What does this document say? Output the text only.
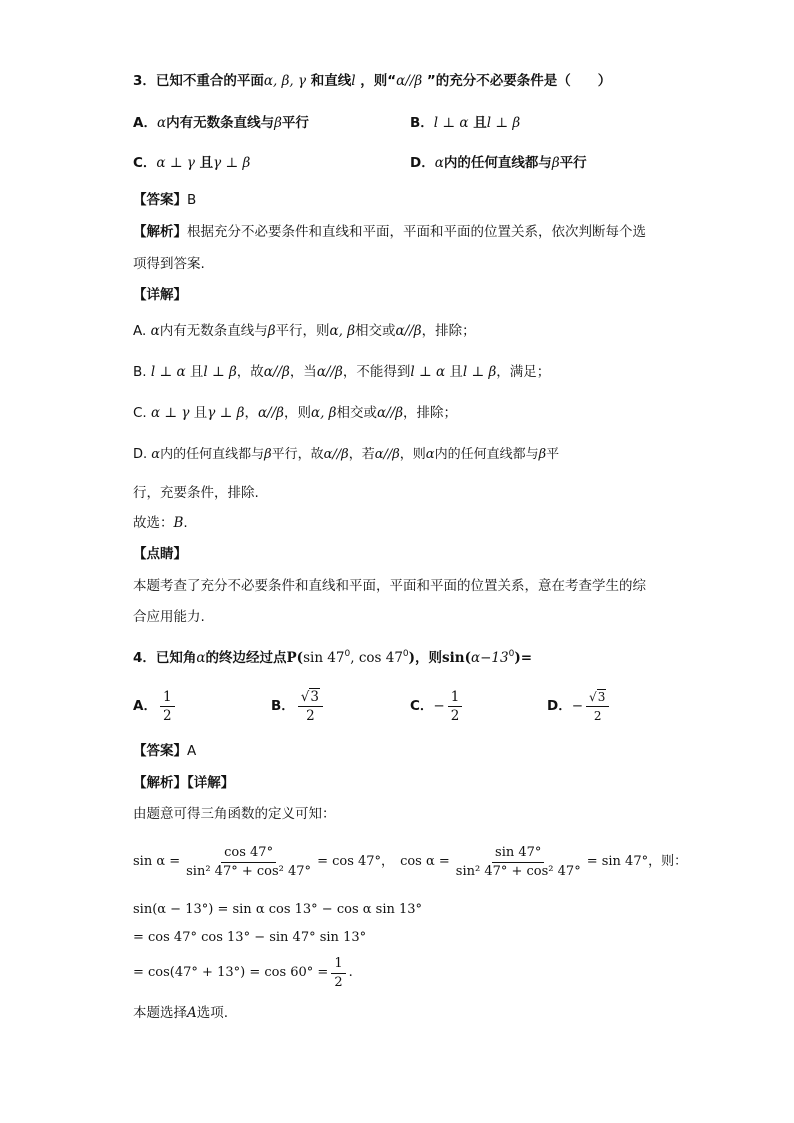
3．已知不重合的平面α, β, γ 和直线l ，则“α//β ”的充分不必要条件是（　　）
A．α内有无数条直线与β平行	B．l ⊥ α 且l ⊥ β
C．α ⊥ γ 且γ ⊥ β	D．α内的任何直线都与β平行
【答案】B
【解析】根据充分不必要条件和直线和平面，平面和平面的位置关系，依次判断每个选
项得到答案.
【详解】
A. α内有无数条直线与β平行，则α, β相交或α//β，排除；
B. l ⊥ α 且l ⊥ β，故α//β，当α//β，不能得到l ⊥ α 且l ⊥ β，满足；
C. α ⊥ γ 且γ ⊥ β，α//β，则α, β相交或α//β，排除；
D. α内的任何直线都与β平行，故α//β，若α//β，则α内的任何直线都与β平
行，充要条件，排除.
故选：B.
【点睛】
本题考查了充分不必要条件和直线和平面，平面和平面的位置关系，意在考查学生的综
合应用能力.
4．已知角α的终边经过点P(sin $47^0$, $\cos 47^0$)，则$\sin(\alpha-13^0)=$
A． $\frac{1}{2}$	B． $\frac{√3}{2}$	C． − $\frac{1}{2}$	D． − $\frac{√3}{2}$
【答案】A
【解析】【详解】
由题意可得三角函数的定义可知：
$\sin \alpha = \frac{\cos 47^\circ}{\text{sin² 47° + cos² 47°}} = \cos 47^\circ$ ， $\cos \alpha = \frac{\sin 47^\circ}{\text{sin² 47° + cos² 47°}} = \sin 47^\circ$ ，则：
sin(α − 13°) = sin α cos 13° − cos α sin 13°
= cos 47° cos 13° − sin 47° sin 13°
= $\cos(47^\circ + 13^\circ) = \cos 60^\circ = \frac{1}{2}$ .
本题选择A选项.
